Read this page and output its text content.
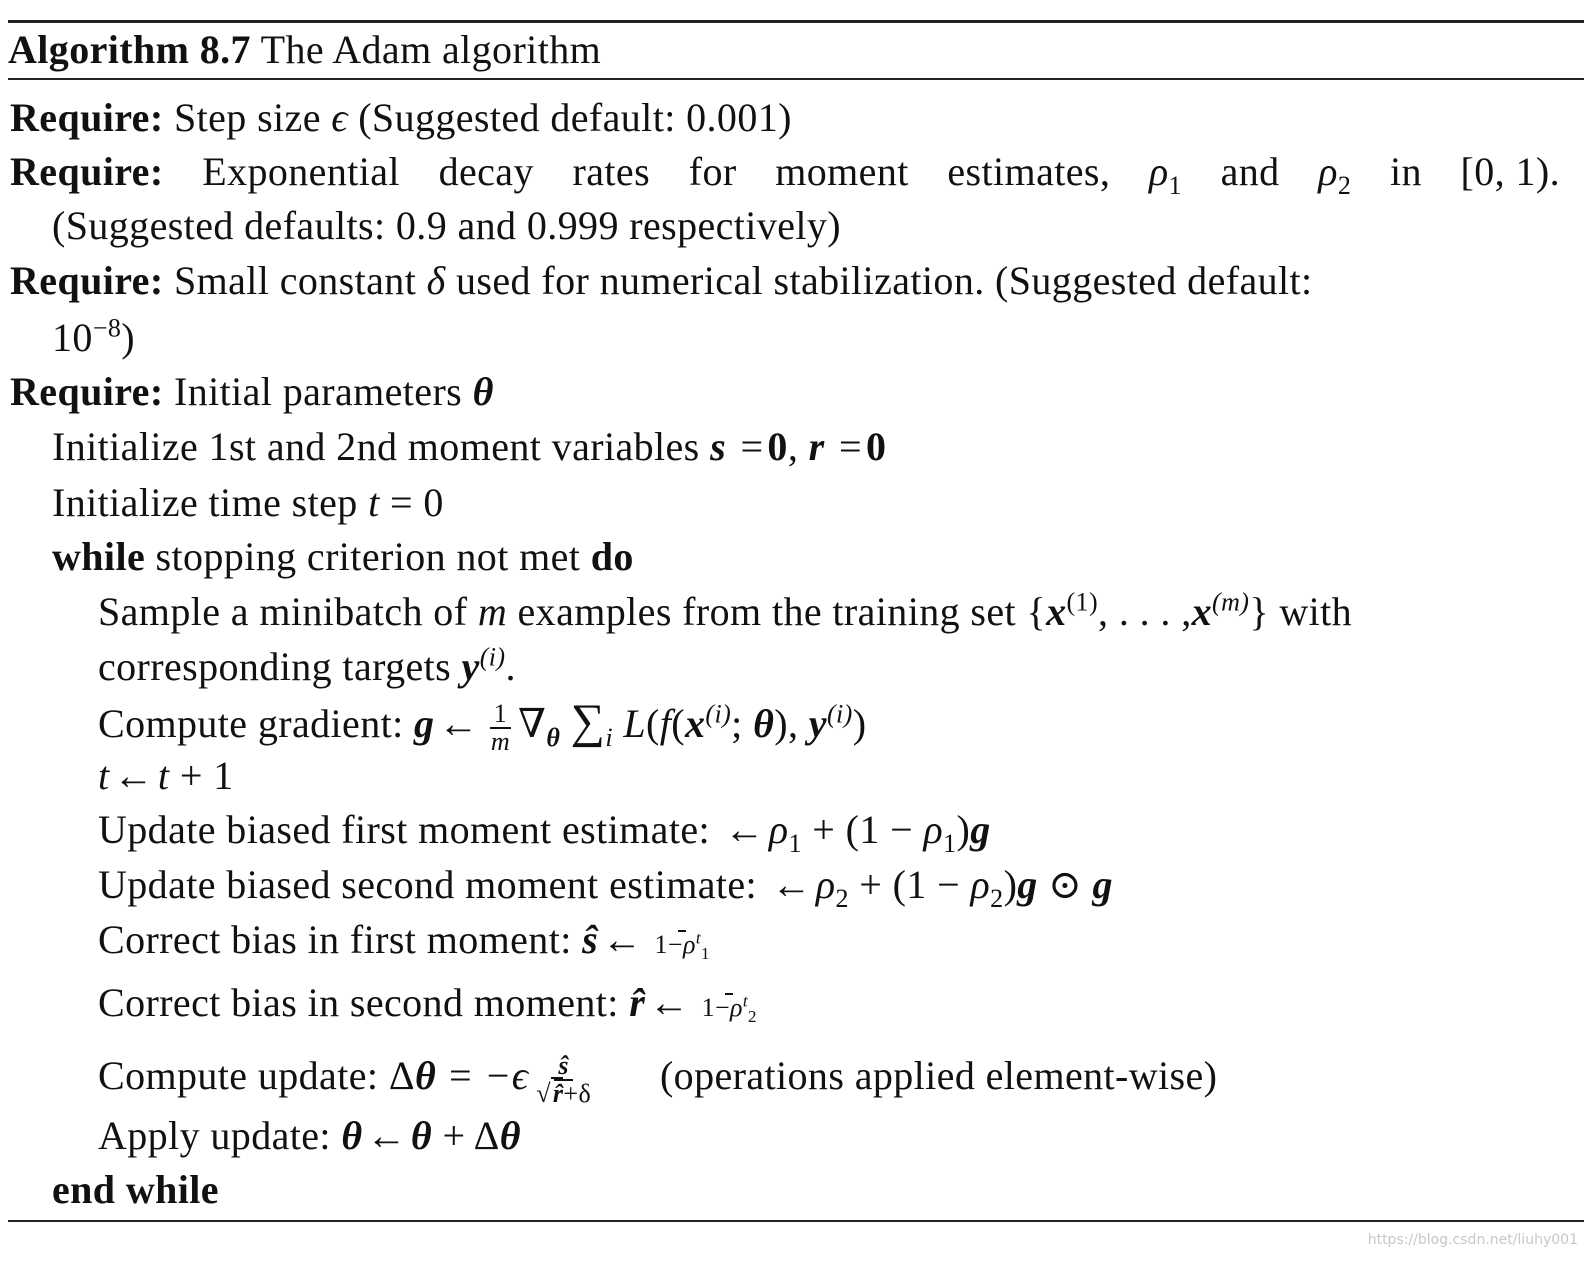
Algorithm 8.7 The Adam algorithm
Require: Step size ϵ (Suggested default: 0.001)
Require: Exponential decay rates for moment estimates, $\rho_1$ and $\rho_2$ in [0, 1).
(Suggested defaults: 0.9 and 0.999 respectively)
Require: Small constant δ used for numerical stabilization. (Suggested default:
$10^{-8}$)
Require: Initial parameters θ
Initialize 1st and 2nd moment variables s = 0, r = 0
Initialize time step t = 0
while stopping criterion not met do
Sample a minibatch of m examples from the training set {$x^{(1)}$, . . . $,x^{(m)}$} with
corresponding targets $y^{(i)}$.
Compute gradient: g ← $\frac{1}{m} \nabla_\theta$ $\sum_i$ $L(f(x^{(i)}$; θ), $y^{(i)}$)
t ← t + 1
Update biased first moment estimate: ← $\rho_1 + (1 - \rho_1)g$
Update biased second moment estimate: ← $\rho_2 + (1 - \rho_2)g$ ⊙ g
Correct bias in first moment: ŝ ← $1-\rho^t_1$
Correct bias in second moment: r̂ ← $1-\rho^t_2$
Compute update: $\Delta\theta = -\epsilon \frac{ŝ}{√r̂+\delta}$ (operations applied element-wise)
Apply update: θ ← θ + Δθ
end while
https://blog.csdn.net/liuhy001
